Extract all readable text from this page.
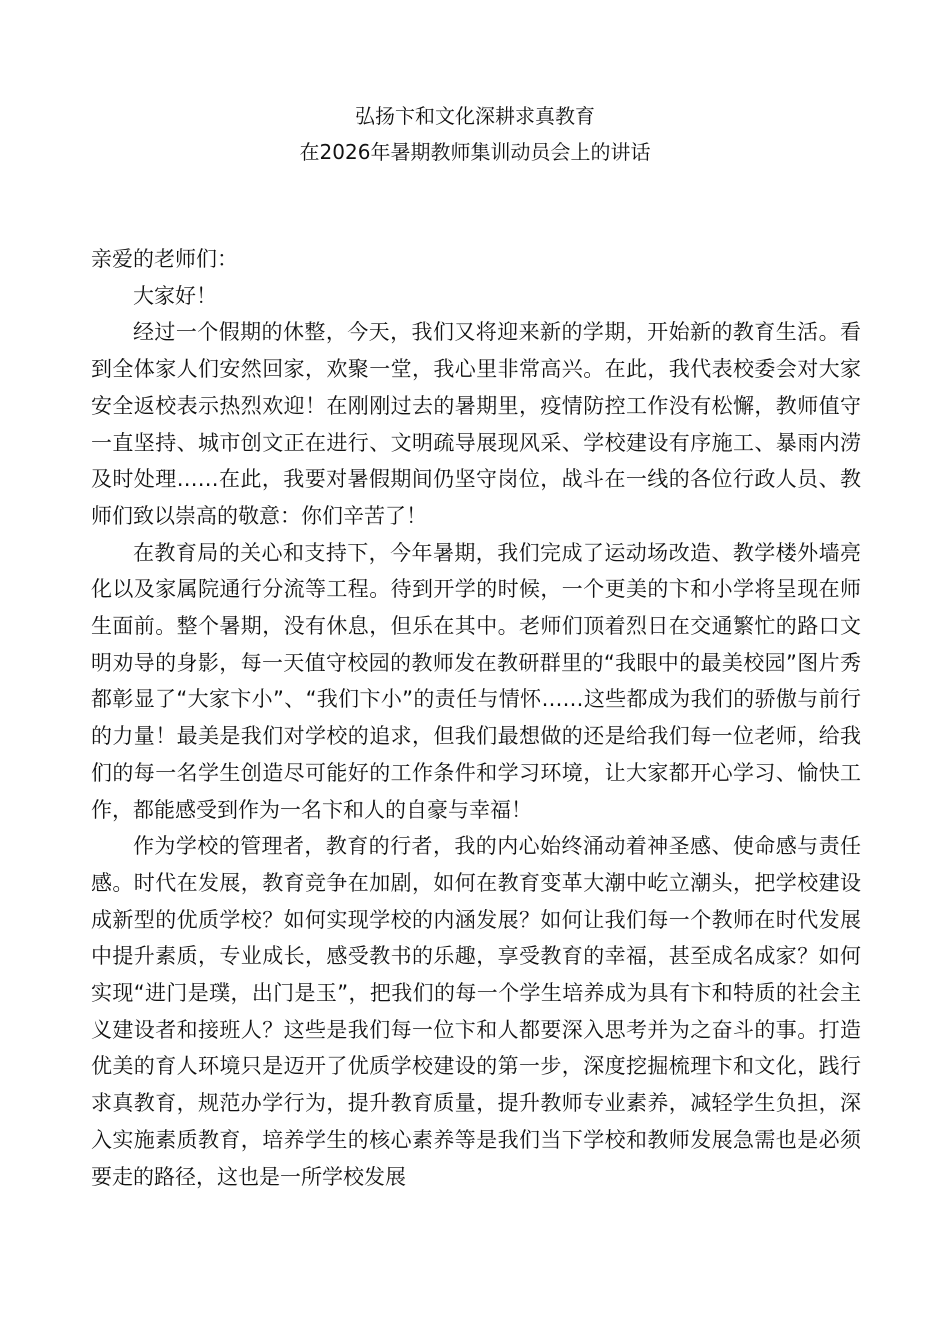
弘扬卞和文化深耕求真教育
在2026年暑期教师集训动员会上的讲话

亲爱的老师们：

大家好！

经过一个假期的休整，今天，我们又将迎来新的学期，开始新的教育生活。看到全体家人们安然回家，欢聚一堂，我心里非常高兴。在此，我代表校委会对大家安全返校表示热烈欢迎！在刚刚过去的暑期里，疫情防控工作没有松懈，教师值守一直坚持、城市创文正在进行、文明疏导展现风采、学校建设有序施工、暴雨内涝及时处理……在此，我要对暑假期间仍坚守岗位，战斗在一线的各位行政人员、教师们致以崇高的敬意：你们辛苦了！

在教育局的关心和支持下，今年暑期，我们完成了运动场改造、教学楼外墙亮化以及家属院通行分流等工程。待到开学的时候，一个更美的卞和小学将呈现在师生面前。整个暑期，没有休息，但乐在其中。老师们顶着烈日在交通繁忙的路口文明劝导的身影，每一天值守校园的教师发在教研群里的“我眼中的最美校园”图片秀都彰显了“大家卞小”、“我们卞小”的责任与情怀……这些都成为我们的骄傲与前行的力量！最美是我们对学校的追求，但我们最想做的还是给我们每一位老师，给我们的每一名学生创造尽可能好的工作条件和学习环境，让大家都开心学习、愉快工作，都能感受到作为一名卞和人的自豪与幸福！

作为学校的管理者，教育的行者，我的内心始终涌动着神圣感、使命感与责任感。时代在发展，教育竞争在加剧，如何在教育变革大潮中屹立潮头，把学校建设成新型的优质学校？如何实现学校的内涵发展？如何让我们每一个教师在时代发展中提升素质，专业成长，感受教书的乐趣，享受教育的幸福，甚至成名成家？如何实现“进门是璞，出门是玉”，把我们的每一个学生培养成为具有卞和特质的社会主义建设者和接班人？这些是我们每一位卞和人都要深入思考并为之奋斗的事。打造优美的育人环境只是迈开了优质学校建设的第一步，深度挖掘梳理卞和文化，践行求真教育，规范办学行为，提升教育质量，提升教师专业素养，减轻学生负担，深入实施素质教育，培养学生的核心素养等是我们当下学校和教师发展急需也是必须要走的路径，这也是一所学校发展
